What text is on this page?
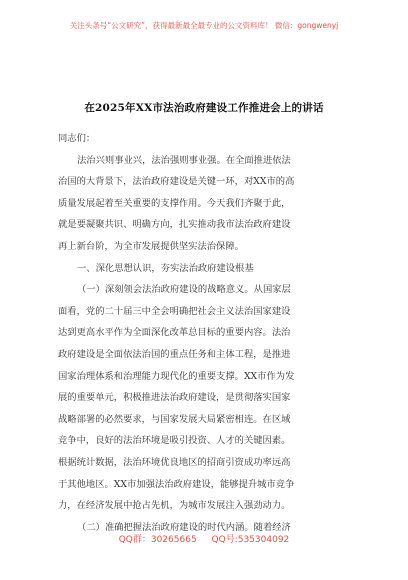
关注头条号“公文研究”，获得最新最全最专业的公文资料库！ 微信：gongwenyj
在2025年XX市法治政府建设工作推进会上的讲话
同志们：
法治兴则事业兴，法治强则事业强。在全面推进依法
治国的大背景下，法治政府建设是关键一环，对XX市的高
质量发展起着至关重要的支撑作用。今天我们齐聚于此，
就是要凝聚共识、明确方向，扎实推动我市法治政府建设
再上新台阶，为全市发展提供坚实法治保障。
一、深化思想认识，夯实法治政府建设根基
（一）深刻领会法治政府建设的战略意义。从国家层
面看，党的二十届三中全会明确把社会主义法治国家建设
达到更高水平作为全面深化改革总目标的重要内容。法治
政府建设是全面依法治国的重点任务和主体工程，是推进
国家治理体系和治理能力现代化的重要支撑。XX市作为发
展的重要单元，积极推进法治政府建设，是贯彻落实国家
战略部署的必然要求，与国家发展大局紧密相连。在区域
竞争中，良好的法治环境是吸引投资、人才的关键因素。
根据统计数据，法治环境优良地区的招商引资成功率远高
于其他地区。XX市加强法治政府建设，能够提升城市竞争
力，在经济发展中抢占先机，为城市发展注入强劲动力。
（二）准确把握法治政府建设的时代内涵。随着经济
QQ群：30265665 QQ号:535304092
